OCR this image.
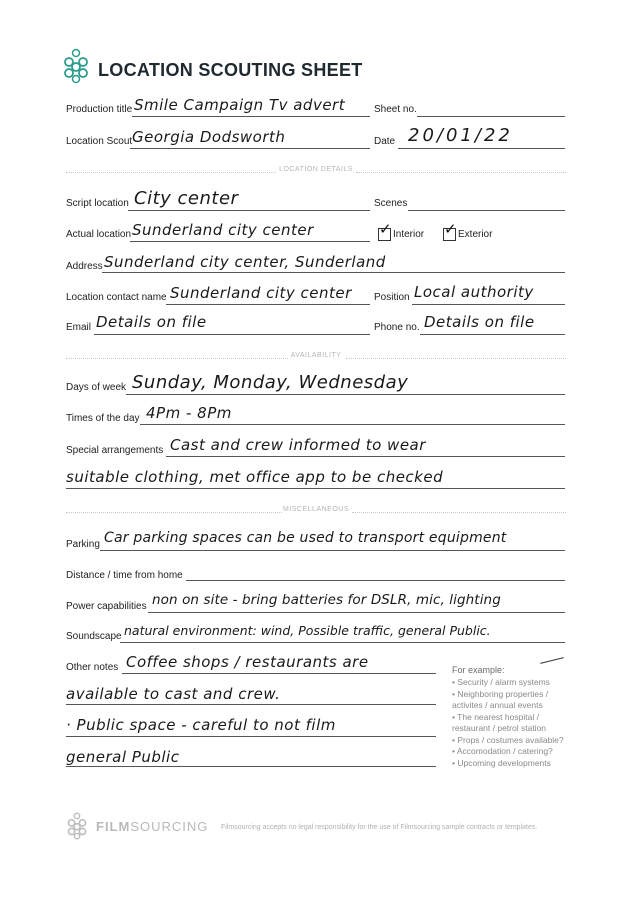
LOCATION SCOUTING SHEET
Production title Smile Campaign Tv advert	Sheet no.
Location Scout Georgia Dodsworth	Date 20/01/22
LOCATION DETAILS
Script location City center	Scenes
Actual location Sunderland city center	✓ Interior ✓ Exterior
Address Sunderland city center, Sunderland
Location contact name Sunderland city center Position Local authority
Email Details on file	Phone no. Details on file
AVAILABILITY
Days of week Sunday, Monday, Wednesday
Times of the day 4Pm - 8Pm
Special arrangements Cast and crew informed to wear
suitable clothing, met office app to be checked
MISCELLANEOUS
Parking Car parking spaces can be used to transport equipment
Distance / time from home
Power capabilities non on site - bring batteries for DSLR, mic, lighting
Soundscape natural environment: wind, Possible traffic, general Public.
Other notes Coffee shops / restaurants are
available to cast and crew.
· Public space - careful to not film
general Public
For example:
• Security / alarm systems
• Neighboring properties /
activites / annual events
• The nearest hospital /
restaurant / petrol station
• Props / costumes available?
• Accomodation / catering?
• Upcoming developments
FILMSOURCING Filmsourcing accepts no legal responsibility for the use of Filmsourcing sample contracts or templates.
